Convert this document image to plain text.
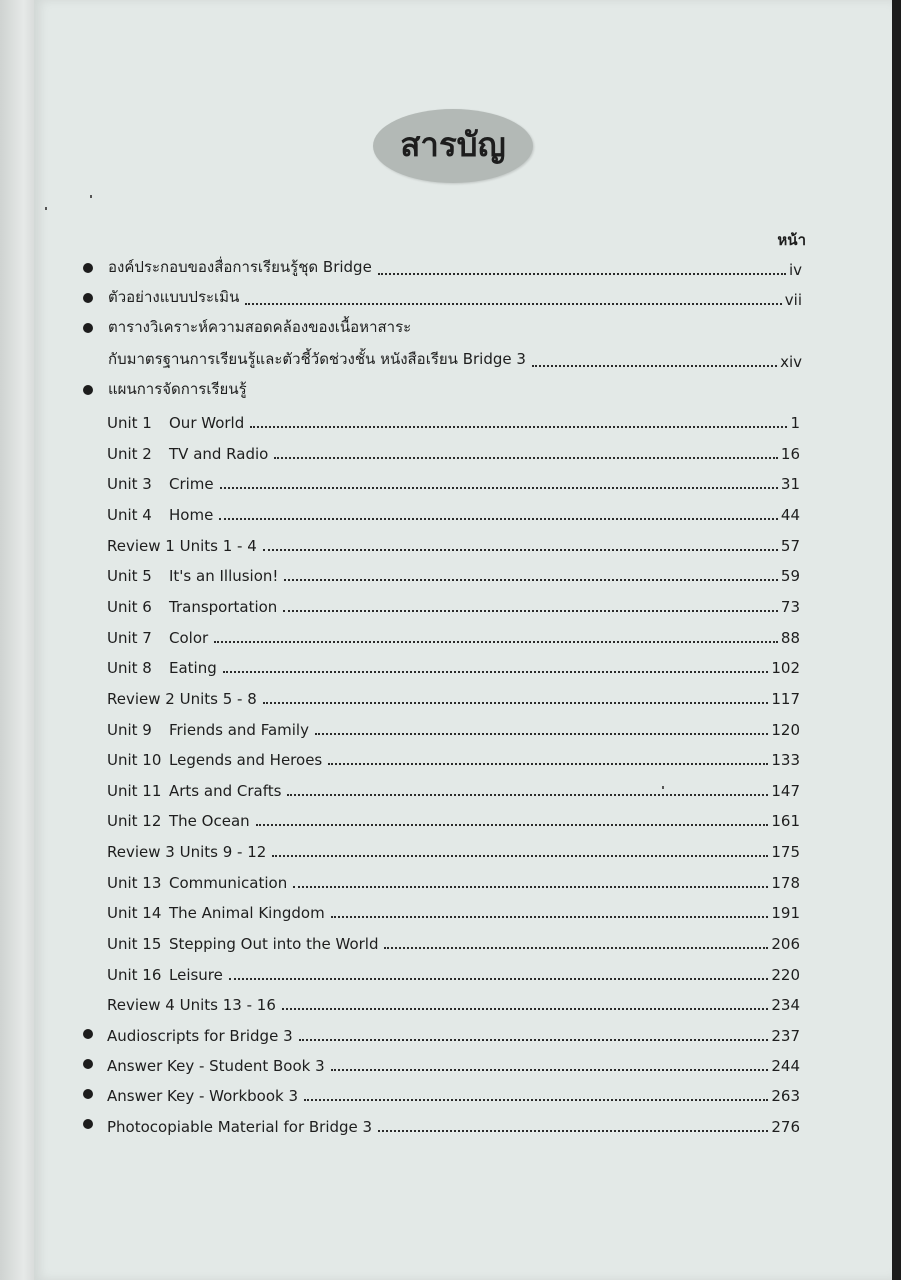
สารบัญ
หน้า
องค์ประกอบของสื่อการเรียนรู้ชุด Bridge	iv
ตัวอย่างแบบประเมิน	vii
ตารางวิเคราะห์ความสอดคล้องของเนื้อหาสาระ
กับมาตรฐานการเรียนรู้และตัวชี้วัดช่วงชั้น หนังสือเรียน Bridge 3	xiv
แผนการจัดการเรียนรู้
Unit 1 Our World	1
Unit 2 TV and Radio	16
Unit 3 Crime	31
Unit 4 Home	44
Review 1 Units 1 - 4	57
Unit 5 It's an Illusion!	59
Unit 6 Transportation	73
Unit 7 Color	88
Unit 8 Eating	102
Review 2 Units 5 - 8	117
Unit 9 Friends and Family	120
Unit 10 Legends and Heroes	133
Unit 11 Arts and Crafts	147
Unit 12 The Ocean	161
Review 3 Units 9 - 12	175
Unit 13 Communication	178
Unit 14 The Animal Kingdom	191
Unit 15 Stepping Out into the World	206
Unit 16 Leisure	220
Review 4 Units 13 - 16	234
Audioscripts for Bridge 3	237
Answer Key - Student Book 3	244
Answer Key - Workbook 3	263
Photocopiable Material for Bridge 3	276
